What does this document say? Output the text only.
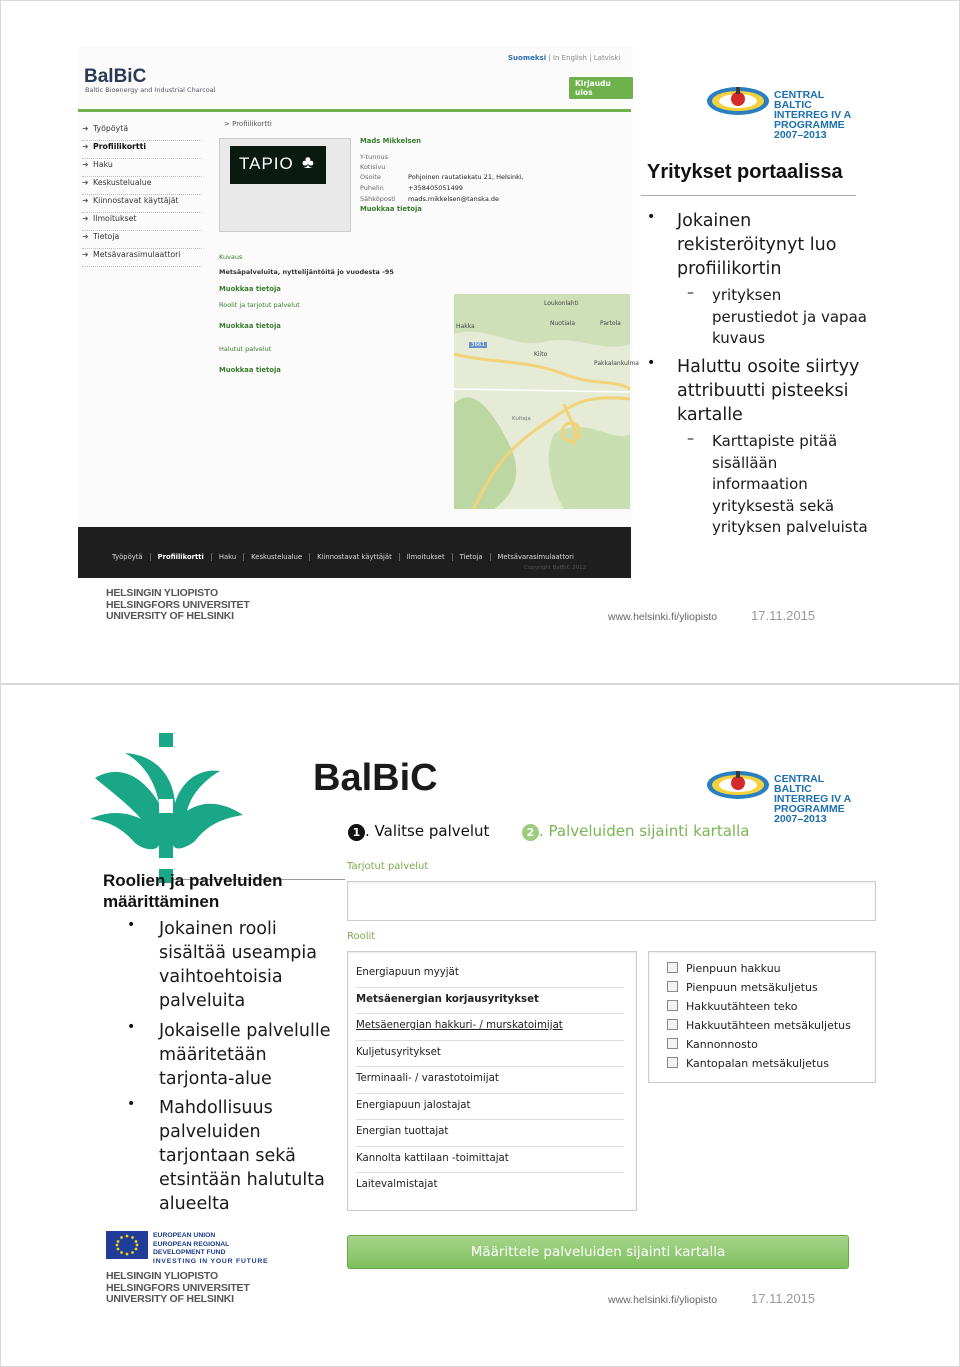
BalBiC
Baltic Bioenergy and Industrial Charcoal
Suomeksi | In English | Latviski
Kirjaudu ulos
➜ Työpöytä
➜ Profiilikortti
➜ Haku
➜ Keskustelualue
➜ Kiinnostavat käyttäjät
➜ Ilmoitukset
➜ Tietoja
➜ Metsävarasimulaattori
> Profiilikortti
TAPIO ♣
Mads Mikkelsen
Y-tunnus
Kotisivu
Osoite	Pohjoinen rautatiekatu 21, Helsinki,
Puhelin	+358405051499
Sähköposti mads.mikkelsen@tanska.de
Muokkaa tietoja
Kuvaus
Metsäpalveluita, nyttelijäntöitä jo vuodesta -95
Muokkaa tietoja
Roolit ja tarjotut palvelut
Muokkaa tietoja
Halutut palvelut
Muokkaa tietoja
Loukonlahti
Nuotiala	Partola
Hakka
Pakkalankulma
Kiito
3661
Kultaja
Työpöytä Profiilikortti Haku Keskustelualue Kiinnostavat käyttäjät Ilmoitukset Tietoja Metsävarasimulaattori
Copyright BalBiC 2012
CENTRAL BALTIC
INTERREG IV A
PROGRAMME
2007–2013
Yritykset portaalissa
• Jokainen
rekisteröitynyt luo
profiilikortin
– yrityksen
perustiedot ja vapaa
kuvaus
• Haluttu osoite siirtyy
attribuutti pisteeksi
kartalle
– Karttapiste pitää
sisällään
informaation
yrityksestä sekä
yrityksen palveluista
HELSINGIN YLIOPISTO
HELSINGFORS UNIVERSITET
UNIVERSITY OF HELSINKI	www.helsinki.fi/yliopisto	17.11.2015
BalBiC	CENTRAL BALTIC
INTERREG IV A
PROGRAMME
2007–2013
1 . Valitse palvelut	2 . Palveluiden sijainti kartalla
Roolien ja palveluiden
määrittäminen
• Jokainen rooli
sisältää useampia
vaihtoehtoisia
palveluita
• Jokaiselle palvelulle
määritetään
tarjonta-alue
• Mahdollisuus
palveluiden
tarjontaan sekä
etsintään halutulta
alueelta
Tarjotut palvelut
Roolit
Energiapuun myyjät
Metsäenergian korjausyritykset
Metsäenergian hakkuri- / murskatoimijat
Kuljetusyritykset
Terminaali- / varastotoimijat
Energiapuun jalostajat
Energian tuottajat
Kannolta kattilaan -toimittajat
Laitevalmistajat
Pienpuun hakkuu
Pienpuun metsäkuljetus
Hakkuutähteen teko
Hakkuutähteen metsäkuljetus
Kannonnosto
Kantopalan metsäkuljetus
Määrittele palveluiden sijainti kartalla
EUROPEAN UNION
EUROPEAN REGIONAL DEVELOPMENT FUND
INVESTING IN YOUR FUTURE
HELSINGIN YLIOPISTO
HELSINGFORS UNIVERSITET
UNIVERSITY OF HELSINKI	www.helsinki.fi/yliopisto	17.11.2015
